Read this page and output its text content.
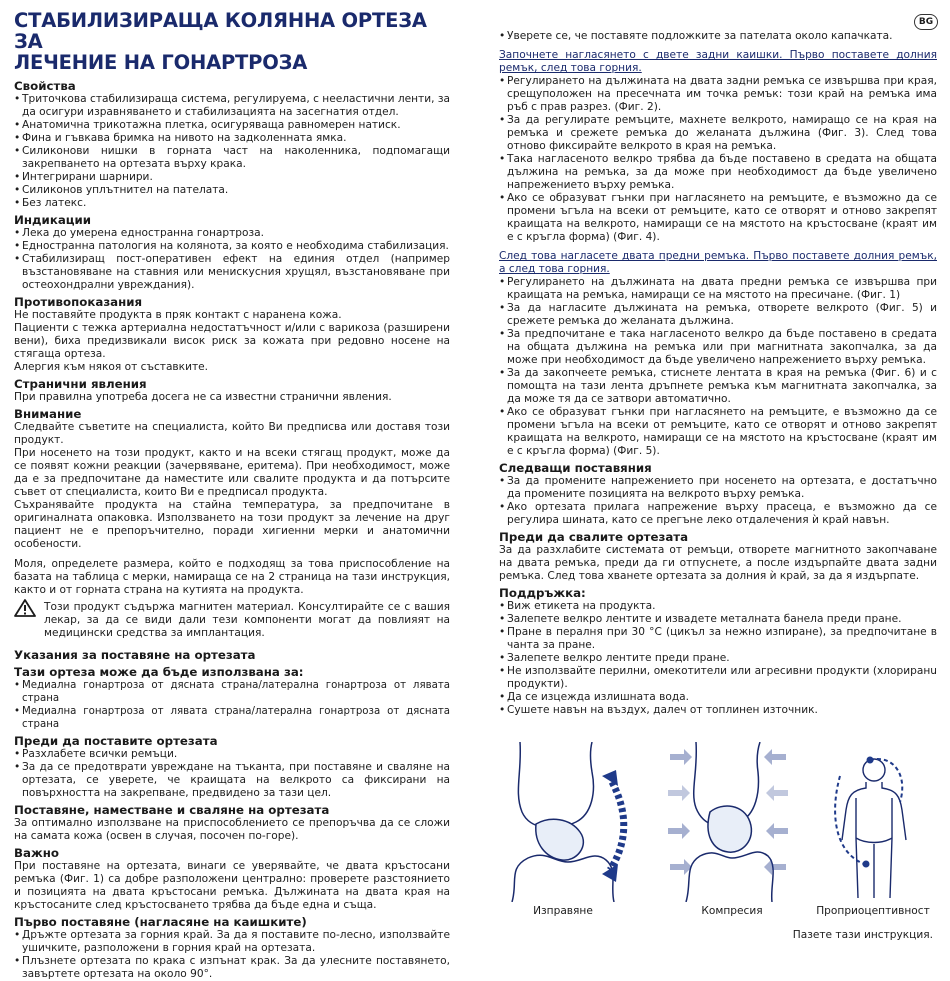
BG
СТАБИЛИЗИРАЩА КОЛЯННА ОРТЕЗА ЗА
ЛЕЧЕНИЕ НА ГОНАРТРОЗА
Свойства
• Триточкова стабилизираща система, регулируема, с нееластични ленти, за да осигури изравняването и стабилизацията на засегнатия отдел.
• Анатомична трикотажна плетка, осигуряваща равномерен натиск.
• Фина и гъвкава бримка на нивото на задколенната ямка.
• Силиконови нишки в горната част на наколенника, подпомагащи закрепването на ортезата върху крака.
• Интегрирани шарнири.
• Силиконов уплътнител на пателата.
• Без латекс.
Индикации
• Лека до умерена едностранна гонартроза.
• Едностранна патология на колянота, за която е необходима стабилизация.
• Стабилизиращ пост-оперативен ефект на единия отдел (например възстановяване на ставния или менискусния хрущял, възстановяване при остеохондрални увреждания).
Противопоказания

Не поставяйте продукта в пряк контакт с наранена кожа.

Пациенти с тежка артериална недостатъчност и/или с варикоза (разширени вени), биха предизвикали висок риск за кожата при редовно носене на стягаща ортеза.

Алергия към някоя от съставките.

Странични явления

При правилна употреба досега не са известни странични явления.

Внимание

Следвайте съветите на специалиста, който Ви предписва или доставя този продукт.

При носенето на този продукт, както и на всеки стягащ продукт, може да се появят кожни реакции (зачервяване, еритема). При необходимост, може да е за предпочитане да наместите или свалите продукта и да потърсите съвет от специалиста, които Ви е предписал продукта.

Съхранявайте продукта на стайна температура, за предпочитане в оригиналната опаковка. Използването на този продукт за лечение на друг пациент не е препоръчително, поради хигиенни мерки и анатомични особености.

Моля, определете размера, който е подходящ за това приспособление на базата на таблица с мерки, намираща се на 2 страница на тази инструкция, както и от горната страна на кутията на продукта.

Този продукт съдържа магнитен материал. Консултирайте се с вашия лекар, за да се види дали тези компоненти могат да повлияят на медицински средства за имплантация.

Указания за поставяне на ортезата
Тази ортеза може да бъде използвана за:
• Медиална гонартроза от дясната страна/латерална гонартроза от лявата страна
• Медиална гонартроза от лявата страна/латерална гонартроза от дясната страна
Преди да поставите ортезата
• Разхлабете всички ремъци.
• За да се предотврати увреждане на тъканта, при поставяне и сваляне на ортезата, се уверете, че краищата на велкрото са фиксирани на повърхността на закрепване, предвидено за тази цел.
Поставяне, наместване и сваляне на ортезата

За оптимално използване на приспособлението се препоръчва да се сложи на самата кожа (освен в случая, посочен по-горе).

Важно

При поставяне на ортезата, винаги се уверявайте, че двата кръстосани ремъка (Фиг. 1) са добре разположени централно: проверете разстоянието и позицията на двата кръстосани ремъка. Дължината на двата края на кръстосаните след кръстосването трябва да бъде една и съща.

Първо поставяне (нагласяне на каишките)
• Дръжте ортезата за горния край. За да я поставите по-лесно, използвайте ушичките, разположени в горния край на ортезата.
• Плъзнете ортезата по крака с изпънат крак. За да улесните поставянето, завъртете ортезата на около 90°.
• Уверете се, че поставяте подложките за пателата около капачката.

Започнете нагласянето с двете задни каишки. Първо поставете долния ремък, след това горния.

• Регулирането на дължината на двата задни ремъка се извършва при края, срещуположен на пресечната им точка ремък: този край на ремъка има ръб с прав разрез. (Фиг. 2).
• За да регулирате ремъците, махнете велкрото, намиращо се на края на ремъка и срежете ремъка до желаната дължина (Фиг. 3). След това отново фиксирайте велкрото в края на ремъка.
• Така нагласеното велкро трябва да бъде поставено в средата на общата дължина на ремъка, за да може при необходимост да бъде увеличено напрежението върху ремъка.
• Ако се образуват гънки при нагласянето на ремъците, е възможно да се промени ъгъла на всеки от ремъците, като се отворят и отново закрепят краищата на велкрото, намиращи се на мястото на кръстосване (краят им е с кръгла форма) (Фиг. 4).

След това нагласете двата предни ремъка. Първо поставете долния ремък, а след това горния.

• Регулирането на дължината на двата предни ремъка се извършва при краищата на ремъка, намиращи се на мястото на пресичане. (Фиг. 1)
• За да нагласите дължината на ремъка, отворете велкрото (Фиг. 5) и срежете ремъка до желаната дължина.
• За предпочитане е така нагласеното велкро да бъде поставено в средата на общата дължина на ремъка или при магнитната закопчалка, за да може при необходимост да бъде увеличено напрежението върху ремъка.
• За да закопчеете ремъка, стиснете лентата в края на ремъка (Фиг. 6) и с помощта на тази лента дръпнете ремъка към магнитната закопчалка, за да може тя да се затвори автоматично.
• Ако се образуват гънки при нагласянето на ремъците, е възможно да се промени ъгъла на всеки от ремъците, като се отворят и отново закрепят краищата на велкрото, намиращи се на мястото на кръстосване (краят им е с кръгла форма) (Фиг. 5).
Следващи поставяния
• За да промените напрежението при носенето на ортезата, е достатъчно да промените позицията на велкрото върху ремъка.
• Ако ортезата прилага напрежение върху прасеца, е възможно да се регулира шината, като се прегъне леко отдалечения ѝ край навън.
Преди да свалите ортезата

За да разхлабите системата от ремъци, отворете магнитното закопчаване на двата ремъка, преди да ги отпуснете, а после издърпайте двата задни ремъка. След това хванете ортезата за долния ѝ край, за да я издърпате.

Поддръжка:
• Виж етикета на продукта.
• Залепете велкро лентите и извадете металната банела преди пране.
• Пране в пералня при 30 °C (цикъл за нежно изпиране), за предпочитане в чанта за пране.
• Залепете велкро лентите преди пране.
• Не използвайте перилни, омекотители или агресивни продукти (хлориранu продукти).
• Да се изцежда излишната вода.
• Сушете навън на въздух, далеч от топлинен източник.
Изправяне	Компресия	Проприоцептивност
Пазете тази инструкция.
